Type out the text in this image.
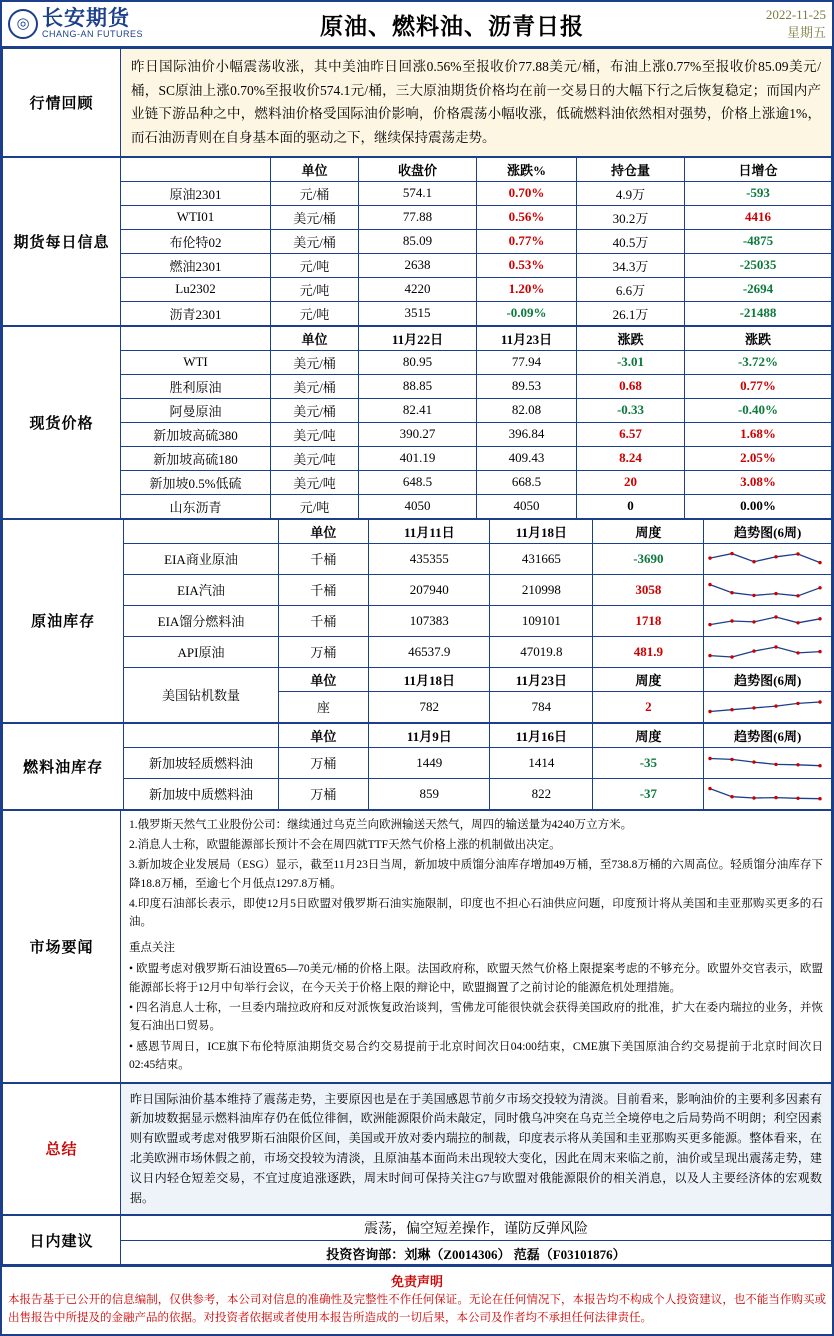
◎ 长安期货
CHANG-AN FUTURES	原油、燃料油、沥青日报	2022-11-25
星期五
行情回顾	昨日国际油价小幅震荡收涨，其中美油昨日回涨0.56%至报收价77.88美元/桶，布油上涨0.77%至报收价85.09美元/桶，SC原油上涨0.70%至报收价574.1元/桶，三大原油期货价格均在前一交易日的大幅下行之后恢复稳定；而国内产业链下游品种之中，燃料油价格受国际油价影响，价格震荡小幅收涨，低硫燃料油依然相对强势，价格上涨逾1%，而石油沥青则在自身基本面的驱动之下，继续保持震荡走势。
期货每日信息		单位	收盘价	涨跌%	持仓量	日增仓
	原油2301	元/桶	574.1	0.70%	4.9万	-593
	WTI01	美元/桶	77.88	0.56%	30.2万	4416
	布伦特02	美元/桶	85.09	0.77%	40.5万	-4875
	燃油2301	元/吨	2638	0.53%	34.3万	-25035
	Lu2302	元/吨	4220	1.20%	6.6万	-2694
	沥青2301	元/吨	3515	-0.09%	26.1万	-21488
现货价格		单位	11月22日	11月23日	涨跌	涨跌
	WTI	美元/桶	80.95	77.94	-3.01	-3.72%
	胜利原油	美元/桶	88.85	89.53	0.68	0.77%
	阿曼原油	美元/桶	82.41	82.08	-0.33	-0.40%
	新加坡高硫380	美元/吨	390.27	396.84	6.57	1.68%
	新加坡高硫180	美元/吨	401.19	409.43	8.24	2.05%
	新加坡0.5%低硫	美元/吨	648.5	668.5	20	3.08%
	山东沥青	元/吨	4050	4050	0	0.00%
原油库存		单位	11月11日	11月18日	周度	趋势图(6周)
	EIA商业原油	千桶	435355	431665	-3690	

	EIA汽油	千桶	207940	210998	3058	

	EIA馏分燃料油	千桶	107383	109101	1718	

	API原油	万桶	46537.9	47019.8	481.9	

	美国钻机数量	单位	11月18日	11月23日	周度	趋势图(6周)
		座	782	784	2	
燃料油库存		单位	11月9日	11月16日	周度	趋势图(6周)
	新加坡轻质燃料油	万桶	1449	1414	-35	

	新加坡中质燃料油	万桶	859	822	-37	
市场要闻	

1.俄罗斯天然气工业股份公司：继续通过乌克兰向欧洲输送天然气，周四的输送量为4240万立方米。

2.消息人士称，欧盟能源部长预计不会在周四就TTF天然气价格上涨的机制做出决定。

3.新加坡企业发展局（ESG）显示，截至11月23日当周，新加坡中质馏分油库存增加49万桶，至738.8万桶的六周高位。轻质馏分油库存下降18.8万桶，至逾七个月低点1297.8万桶。

4.印度石油部长表示，即使12月5日欧盟对俄罗斯石油实施限制，印度也不担心石油供应问题，印度预计将从美国和圭亚那购买更多的石油。

重点关注

• 欧盟考虑对俄罗斯石油设置65—70美元/桶的价格上限。法国政府称，欧盟天然气价格上限提案考虑的不够充分。欧盟外交官表示，欧盟能源部长将于12月中旬举行会议，在今天关于价格上限的辩论中，欧盟搁置了之前讨论的能源危机处理措施。

• 四名消息人士称，一旦委内瑞拉政府和反对派恢复政治谈判，雪佛龙可能很快就会获得美国政府的批准，扩大在委内瑞拉的业务，并恢复石油出口贸易。

• 感恩节周日，ICE旗下布伦特原油期货交易合约交易提前于北京时间次日04:00结束，CME旗下美国原油合约交易提前于北京时间次日02:45结束。

总结	昨日国际油价基本维持了震荡走势，主要原因也是在于美国感恩节前夕市场交投较为清淡。目前看来，影响油价的主要利多因素有 新加坡数据显示燃料油库存仍在低位徘徊，欧洲能源限价尚未敲定，同时俄乌冲突在乌克兰全境停电之后局势尚不明朗；利空因素则有欧盟或考虑对俄罗斯石油限价区间，美国或开放对委内瑞拉的制裁，印度表示将从美国和圭亚那购买更多能源。整体看来，在北美欧洲市场休假之前，市场交投较为清淡，且原油基本面尚未出现较大变化，因此在周末来临之前，油价或呈现出震荡走势，建议日内轻仓短差交易，不宜过度追涨逐跌，周末时间可保持关注G7与欧盟对俄能源限价的相关消息，以及人主要经济体的宏观数据。
日内建议	
震荡，偏空短差操作，谨防反弹风险
投资咨询部：刘琳（Z0014306） 范磊（F03101876）
免责声明
本报告基于已公开的信息编制，仅供参考，本公司对信息的准确性及完整性不作任何保证。无论在任何情况下，本报告均不构成个人投资建议，也不能当作购买或出售报告中所提及的金融产品的依据。对投资者依据或者使用本报告所造成的一切后果，本公司及作者均不承担任何法律责任。
